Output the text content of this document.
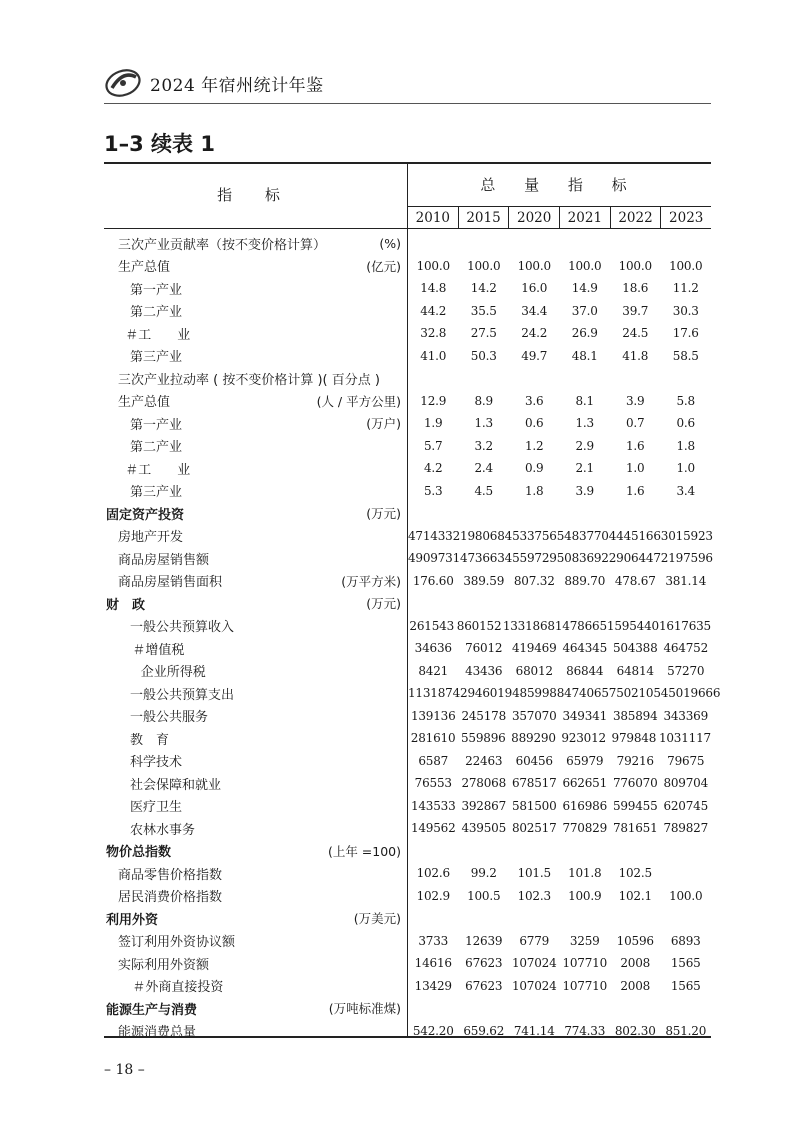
2024 年宿州统计年鉴
1–3 续表 1
指 标
总 量 指 标
2010	2015	2020	2021	2022	2023
三次产业贡献率（按不变价格计算）	(%)
生产总值	(亿元)	100.0	100.0	100.0	100.0	100.0	100.0
第一产业	14.8	14.2	16.0	14.9	18.6	11.2
第二产业	44.2	35.5	34.4	37.0	39.7	30.3
＃工　　业	32.8	27.5	24.2	26.9	24.5	17.6
第三产业	41.0	50.3	49.7	48.1	41.8	58.5
三次产业拉动率 ( 按不变价格计算 )( 百分点 )
生产总值	(人 / 平方公里)	12.9	8.9	3.6	8.1	3.9	5.8
第一产业	(万户)	1.9	1.3	0.6	1.3	0.7	0.6
第二产业	5.7	3.2	1.2	2.9	1.6	1.8
＃工　　业	4.2	2.4	0.9	2.1	1.0	1.0
第三产业	5.3	4.5	1.8	3.9	1.6	3.4
固定资产投资	(万元)
房地产开发	471433 2198068 4533756 5483770 4445166 3015923
商品房屋销售额	490973 1473663 4559729 5083692 2906447 2197596
商品房屋销售面积	(万平方米) 176.60 389.59 807.32 889.70 478.67 381.14
财　政	(万元)
一般公共预算收入	261543 860152 1331868 1478665 1595440 1617635
＃增值税	34636	76012 419469 464345 504388 464752
企业所得税	8421	43436	68012	86844	64814	57270
一般公共预算支出	1131874 2946019 4859988 4740657 5021054 5019666
一般公共服务	139136 245178 357070 349341 385894 343369
教　育	281610 559896 889290 923012 979848 1031117
科学技术	6587	22463	60456	65979	79216	79675
社会保障和就业	76553 278068 678517 662651 776070 809704
医疗卫生	143533 392867 581500 616986 599455 620745
农林水事务	149562 439505 802517 770829 781651 789827
物价总指数	(上年 =100)
商品零售价格指数	102.6	99.2	101.5	101.8	102.5
居民消费价格指数	102.9	100.5	102.3	100.9	102.1	100.0
利用外资	(万美元)
签订利用外资协议额	3733	12639	6779	3259	10596	6893
实际利用外资额	14616	67623 107024 107710	2008	1565
＃外商直接投资	13429	67623 107024 107710	2008	1565
能源生产与消费	(万吨标准煤)
能源消费总量	542.20 659.62 741.14 774.33 802.30 851.20
– 18 –
